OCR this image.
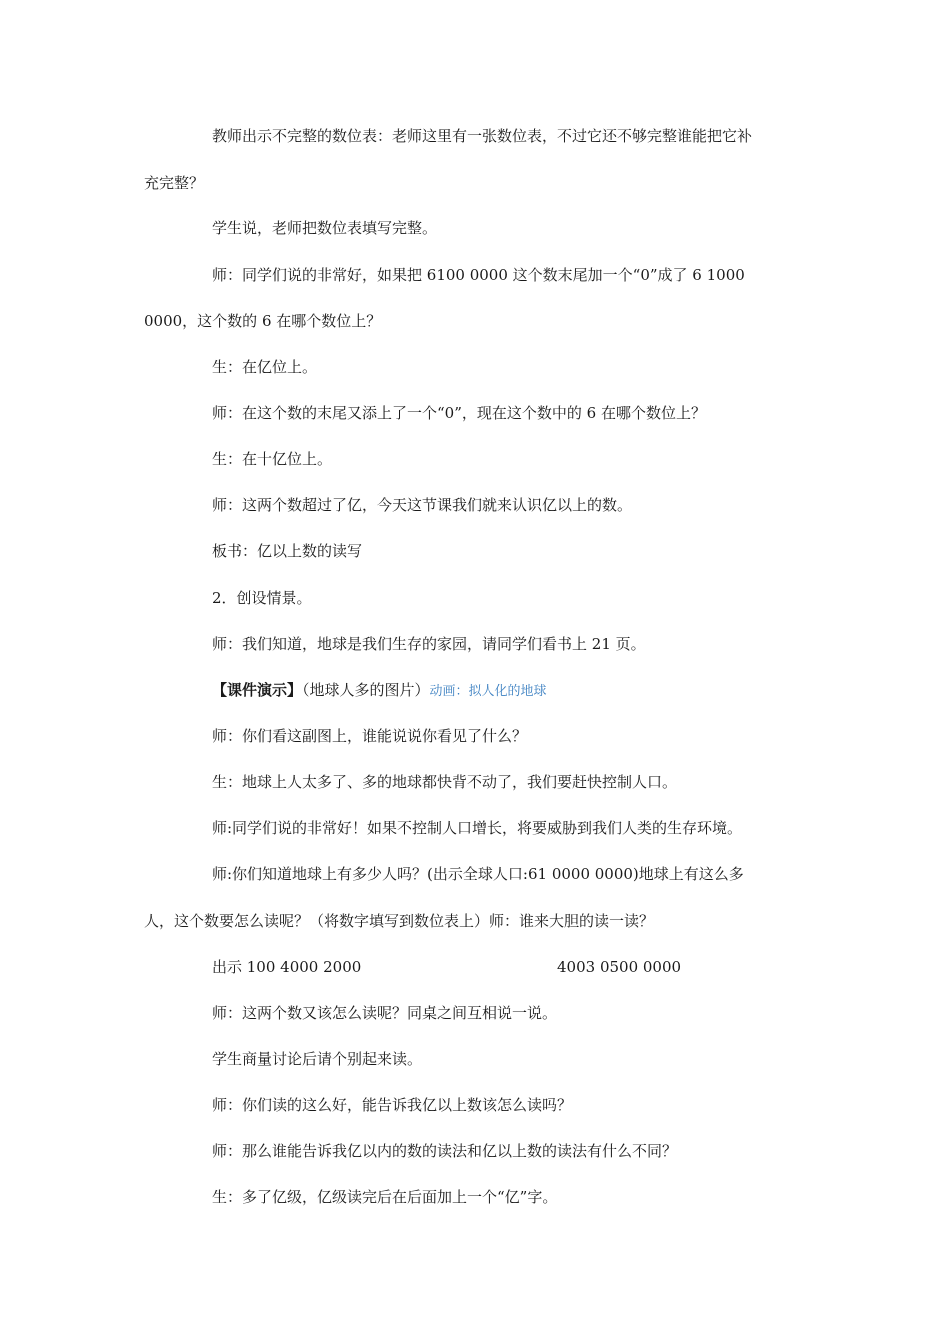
教师出示不完整的数位表：老师这里有一张数位表，不过它还不够完整谁能把它补
充完整？
学生说，老师把数位表填写完整。
师：同学们说的非常好，如果把 6100 0000 这个数末尾加一个“0”成了 6 1000
0000，这个数的 6 在哪个数位上？
生：在亿位上。
师：在这个数的末尾又添上了一个“0”，现在这个数中的 6 在哪个数位上？
生：在十亿位上。
师：这两个数超过了亿，今天这节课我们就来认识亿以上的数。
板书：亿以上数的读写
2．创设情景。
师：我们知道，地球是我们生存的家园，请同学们看书上 21 页。
【课件演示】（地球人多的图片）动画：拟人化的地球
师：你们看这副图上，谁能说说你看见了什么？
生：地球上人太多了、多的地球都快背不动了，我们要赶快控制人口。
师:同学们说的非常好！如果不控制人口增长，将要威胁到我们人类的生存环境。
师:你们知道地球上有多少人吗？(出示全球人口:61 0000 0000)地球上有这么多
人，这个数要怎么读呢？（将数字填写到数位表上）师：谁来大胆的读一读？
出示 100 4000 2000	4003 0500 0000
师：这两个数又该怎么读呢？同桌之间互相说一说。
学生商量讨论后请个别起来读。
师：你们读的这么好，能告诉我亿以上数该怎么读吗？
师：那么谁能告诉我亿以内的数的读法和亿以上数的读法有什么不同？
生：多了亿级，亿级读完后在后面加上一个“亿”字。
